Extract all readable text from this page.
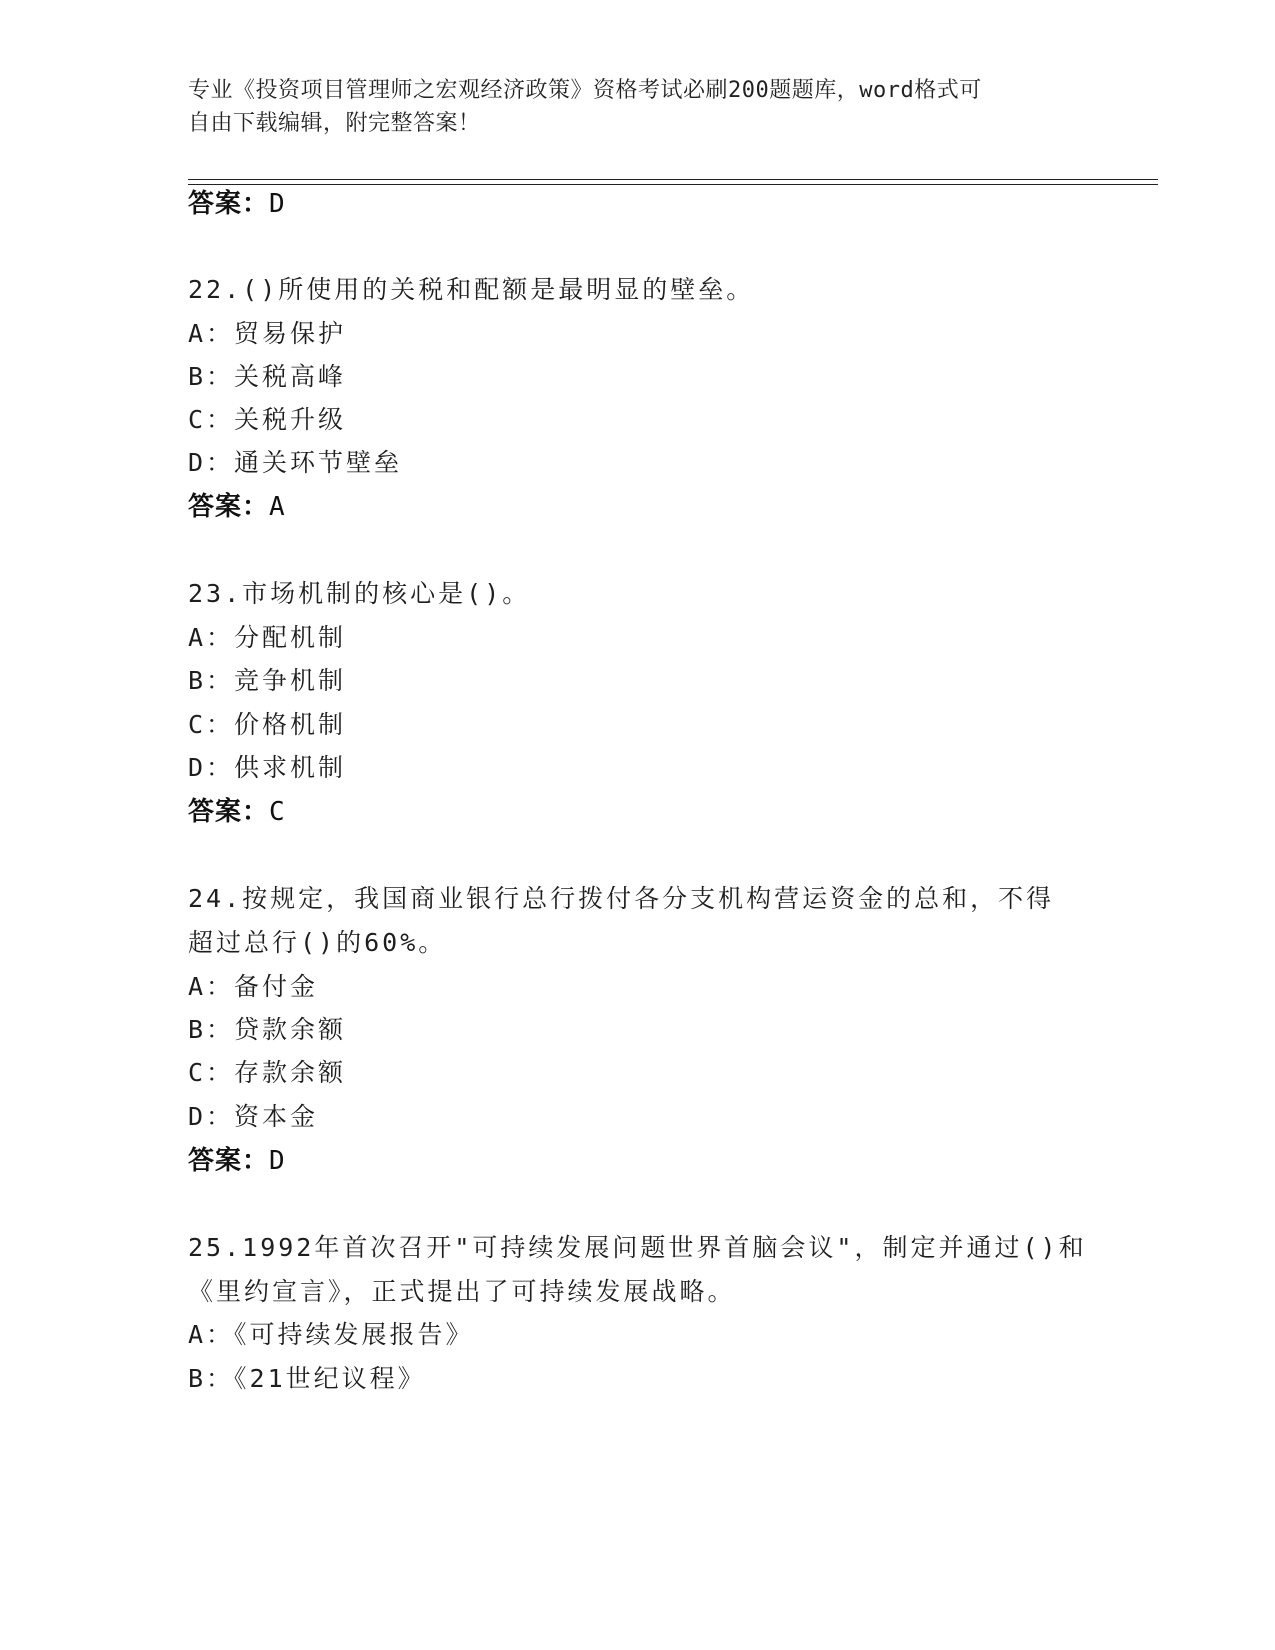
专业《投资项目管理师之宏观经济政策》资格考试必刷200题题库，word格式可
自由下载编辑，附完整答案！
答案：D
22.()所使用的关税和配额是最明显的壁垒。
A：贸易保护
B：关税高峰
C：关税升级
D：通关环节壁垒
答案：A
23.市场机制的核心是()。
A：分配机制
B：竞争机制
C：价格机制
D：供求机制
答案：C
24.按规定，我国商业银行总行拨付各分支机构营运资金的总和，不得
超过总行()的60%。
A：备付金
B：贷款余额
C：存款余额
D：资本金
答案：D
25.1992年首次召开"可持续发展问题世界首脑会议"，制定并通过()和
《里约宣言》，正式提出了可持续发展战略。
A：《可持续发展报告》
B：《21世纪议程》
